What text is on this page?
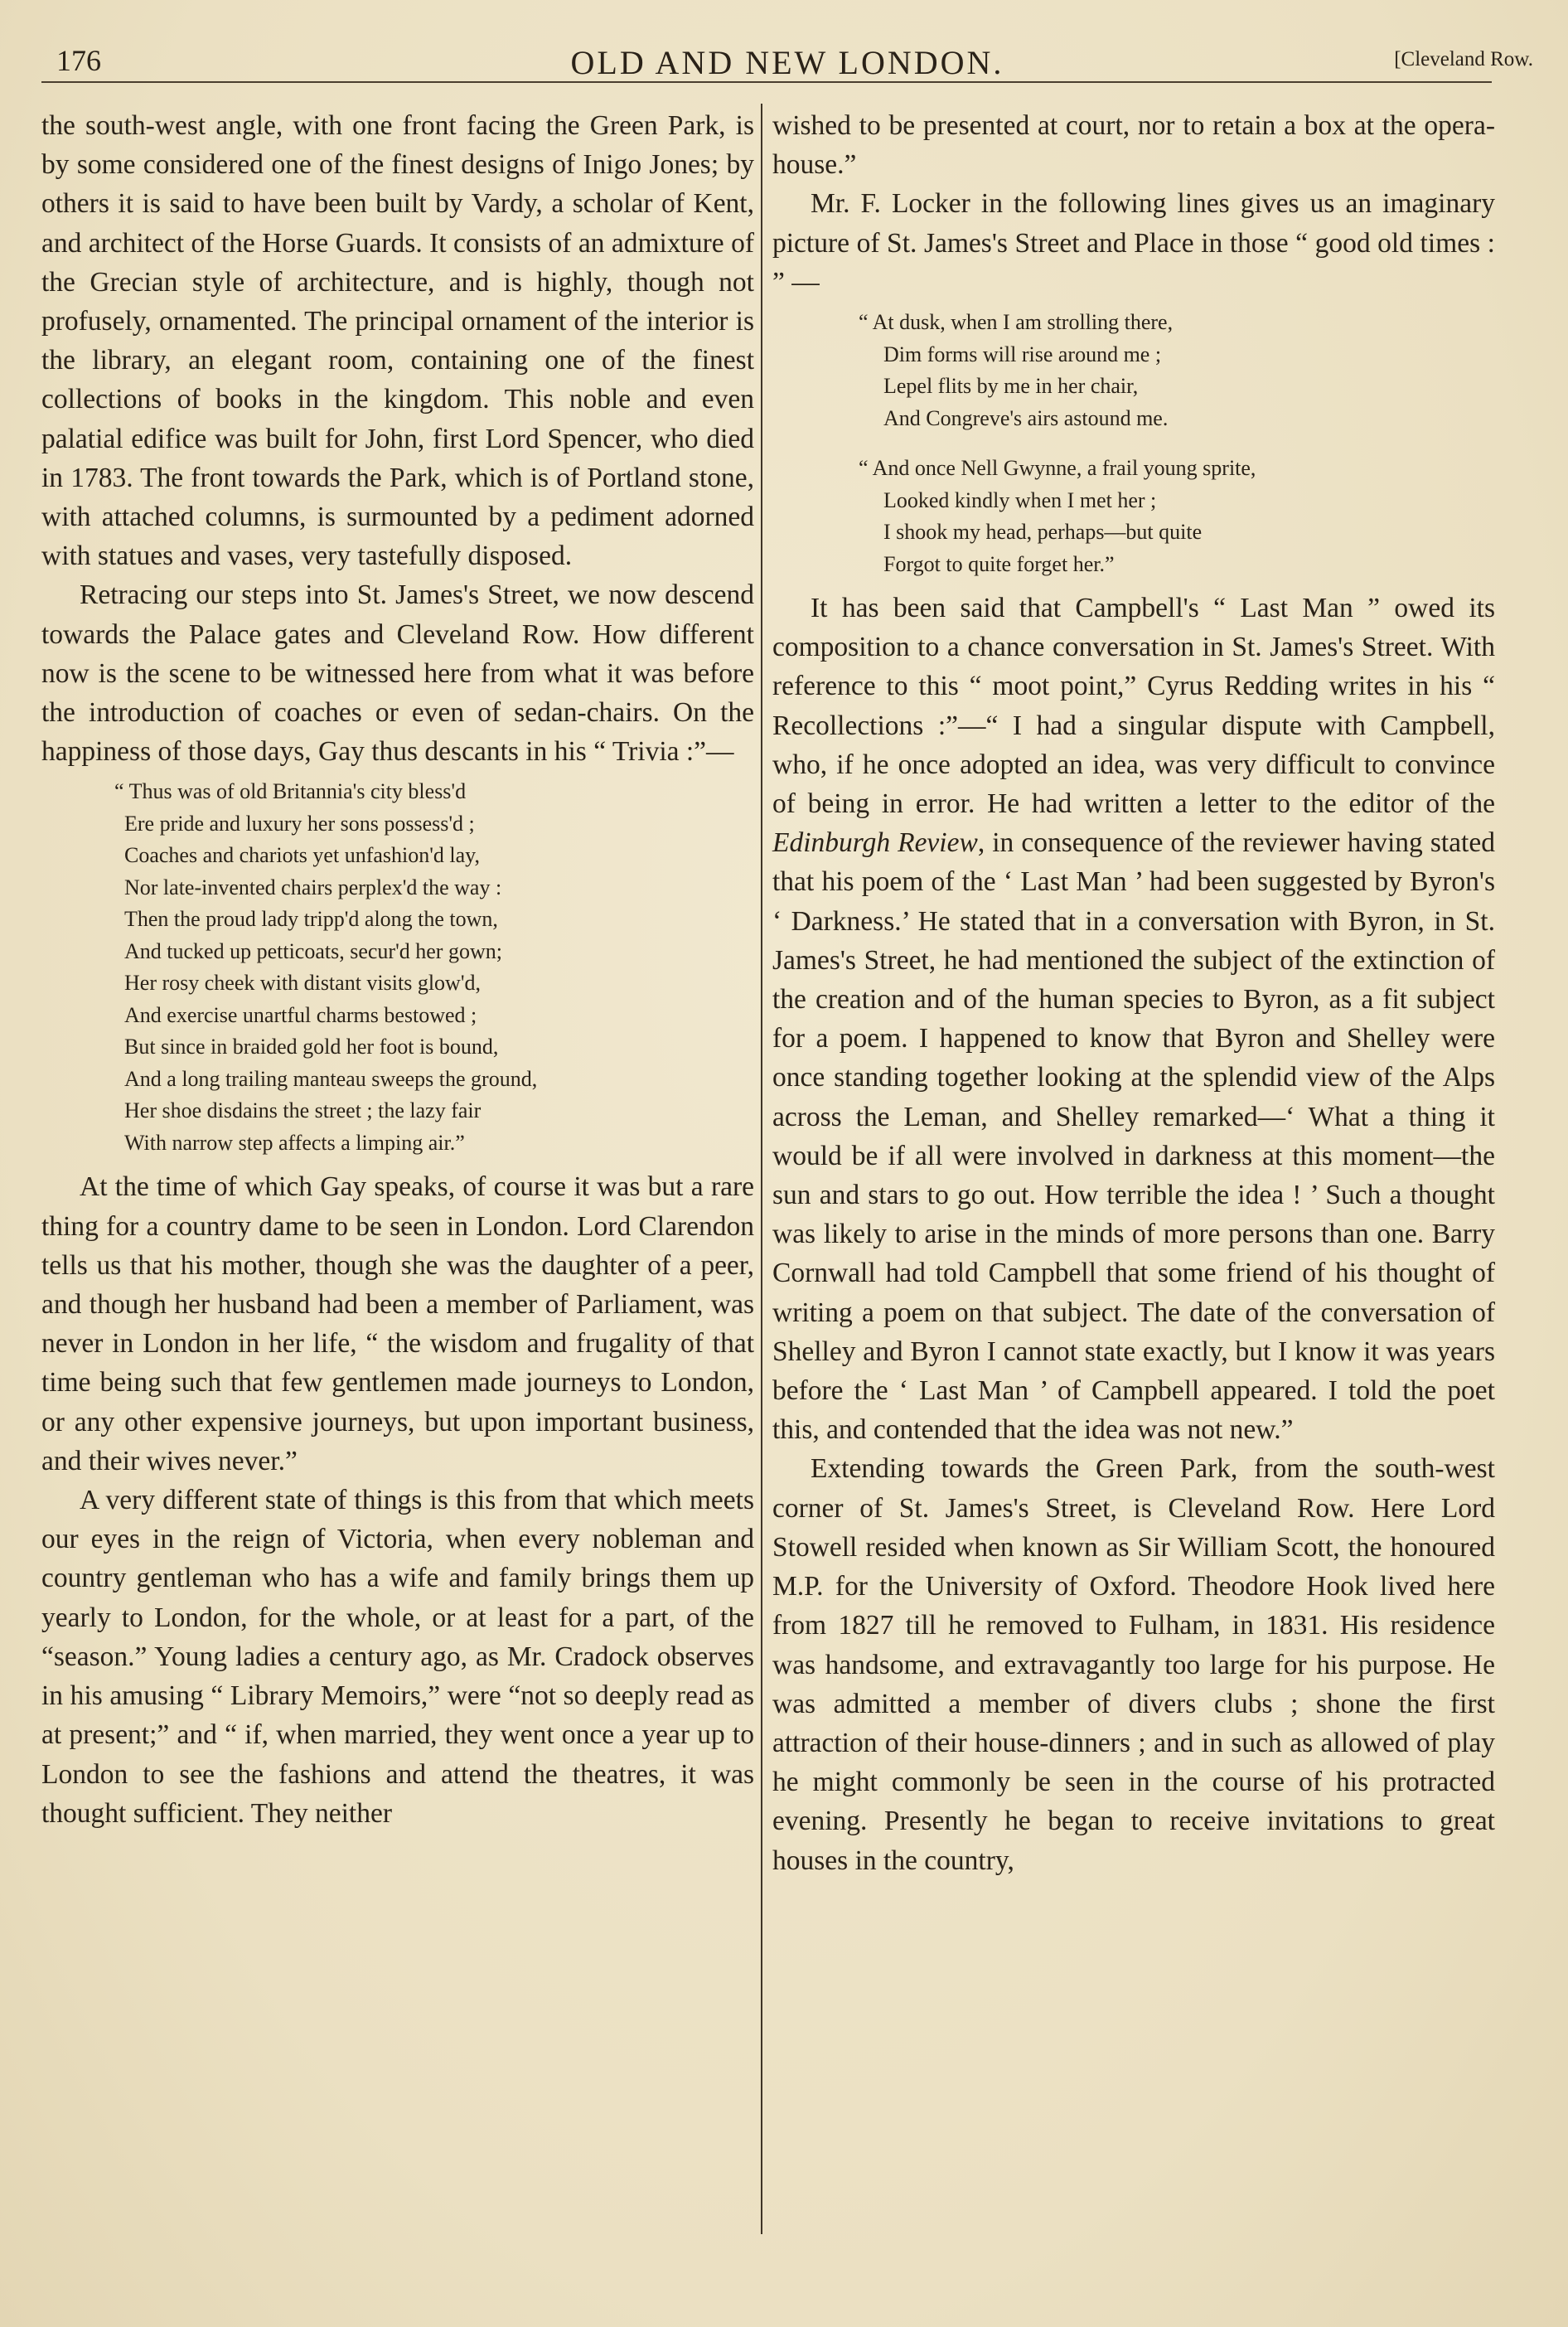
176	OLD AND NEW LONDON.	[Cleveland Row.

the south-west angle, with one front facing the Green Park, is by some considered one of the finest designs of Inigo Jones; by others it is said to have been built by Vardy, a scholar of Kent, and architect of the Horse Guards. It consists of an admixture of the Grecian style of architecture, and is highly, though not profusely, ornamented. The principal ornament of the interior is the library, an elegant room, containing one of the finest collections of books in the kingdom. This noble and even palatial edifice was built for John, first Lord Spencer, who died in 1783. The front towards the Park, which is of Portland stone, with attached columns, is surmounted by a pediment adorned with statues and vases, very tastefully disposed.

Retracing our steps into St. James's Street, we now descend towards the Palace gates and Cleveland Row. How different now is the scene to be witnessed here from what it was before the introduction of coaches or even of sedan-chairs. On the happiness of those days, Gay thus descants in his “ Trivia :”—

“ Thus was of old Britannia's city bless'd
Ere pride and luxury her sons possess'd ;
Coaches and chariots yet unfashion'd lay,
Nor late-invented chairs perplex'd the way :
Then the proud lady tripp'd along the town,
And tucked up petticoats, secur'd her gown;
Her rosy cheek with distant visits glow'd,
And exercise unartful charms bestowed ;
But since in braided gold her foot is bound,
And a long trailing manteau sweeps the ground,
Her shoe disdains the street ; the lazy fair
With narrow step affects a limping air.”

At the time of which Gay speaks, of course it was but a rare thing for a country dame to be seen in London. Lord Clarendon tells us that his mother, though she was the daughter of a peer, and though her husband had been a member of Parliament, was never in London in her life, “ the wisdom and frugality of that time being such that few gentlemen made journeys to London, or any other expensive journeys, but upon important business, and their wives never.”

A very different state of things is this from that which meets our eyes in the reign of Victoria, when every nobleman and country gentleman who has a wife and family brings them up yearly to London, for the whole, or at least for a part, of the “season.” Young ladies a century ago, as Mr. Cradock observes in his amusing “ Library Memoirs,” were “not so deeply read as at present;” and “ if, when married, they went once a year up to London to see the fashions and attend the theatres, it was thought sufficient. They neither

wished to be presented at court, nor to retain a box at the opera-house.”

Mr. F. Locker in the following lines gives us an imaginary picture of St. James's Street and Place in those “ good old times : ” —

“ At dusk, when I am strolling there,
Dim forms will rise around me ;
Lepel flits by me in her chair,
And Congreve's airs astound me.
“ And once Nell Gwynne, a frail young sprite,
Looked kindly when I met her ;
I shook my head, perhaps—but quite
Forgot to quite forget her.”

It has been said that Campbell's “ Last Man ” owed its composition to a chance conversation in St. James's Street. With reference to this “ moot point,” Cyrus Redding writes in his “ Recollections :”—“ I had a singular dispute with Campbell, who, if he once adopted an idea, was very difficult to convince of being in error. He had written a letter to the editor of the Edinburgh Review, in consequence of the reviewer having stated that his poem of the ‘ Last Man ’ had been suggested by Byron's ‘ Darkness.’ He stated that in a conversation with Byron, in St. James's Street, he had mentioned the subject of the extinction of the creation and of the human species to Byron, as a fit subject for a poem. I happened to know that Byron and Shelley were once standing together looking at the splendid view of the Alps across the Leman, and Shelley remarked—‘ What a thing it would be if all were involved in darkness at this moment—the sun and stars to go out. How terrible the idea ! ’ Such a thought was likely to arise in the minds of more persons than one. Barry Cornwall had told Campbell that some friend of his thought of writing a poem on that subject. The date of the conversation of Shelley and Byron I cannot state exactly, but I know it was years before the ‘ Last Man ’ of Campbell appeared. I told the poet this, and contended that the idea was not new.”

Extending towards the Green Park, from the south-west corner of St. James's Street, is Cleveland Row. Here Lord Stowell resided when known as Sir William Scott, the honoured M.P. for the University of Oxford. Theodore Hook lived here from 1827 till he removed to Fulham, in 1831. His residence was handsome, and extravagantly too large for his purpose. He was admitted a member of divers clubs ; shone the first attraction of their house-dinners ; and in such as allowed of play he might commonly be seen in the course of his protracted evening. Presently he began to receive invitations to great houses in the country,
